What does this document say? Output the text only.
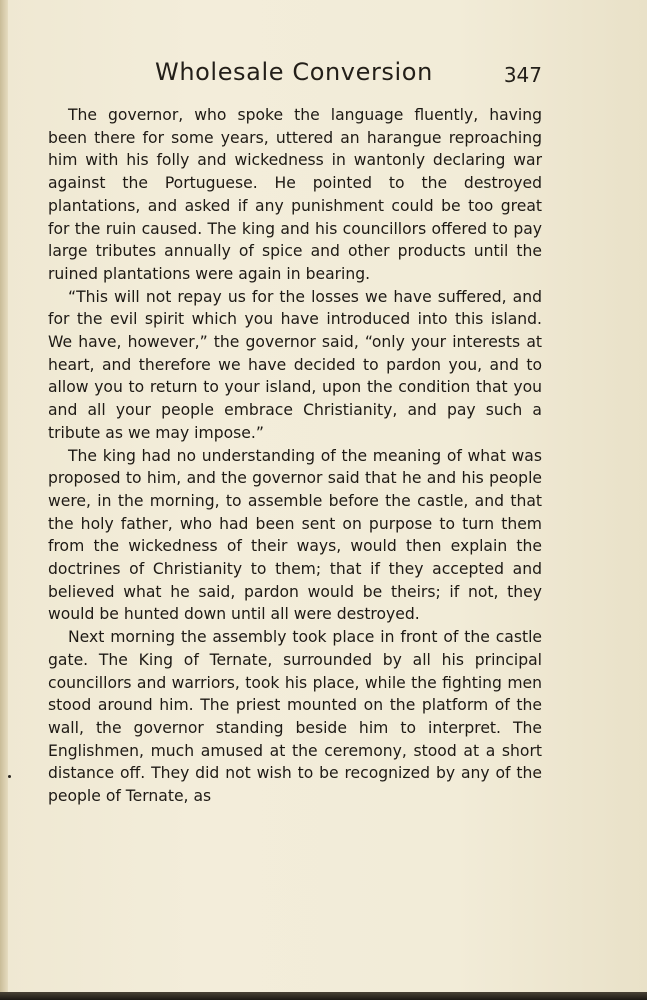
Wholesale Conversion	347

The governor, who spoke the language fluently, having been there for some years, uttered an harangue reproaching him with his folly and wickedness in wantonly declaring war against the Portuguese. He pointed to the destroyed plantations, and asked if any punishment could be too great for the ruin caused. The king and his councillors offered to pay large tributes annually of spice and other products until the ruined plantations were again in bearing.

“This will not repay us for the losses we have suffered, and for the evil spirit which you have introduced into this island. We have, however,” the governor said, “only your interests at heart, and therefore we have decided to pardon you, and to allow you to return to your island, upon the condition that you and all your people embrace Christianity, and pay such a tribute as we may impose.”

The king had no understanding of the meaning of what was proposed to him, and the governor said that he and his people were, in the morning, to assemble before the castle, and that the holy father, who had been sent on purpose to turn them from the wickedness of their ways, would then explain the doctrines of Christianity to them; that if they accepted and believed what he said, pardon would be theirs; if not, they would be hunted down until all were destroyed.

Next morning the assembly took place in front of the castle gate. The King of Ternate, surrounded by all his principal councillors and warriors, took his place, while the fighting men stood around him. The priest mounted on the platform of the wall, the governor standing beside him to interpret. The Englishmen, much amused at the ceremony, stood at a short distance off. They did not wish to be recognized by any of the people of Ternate, as
